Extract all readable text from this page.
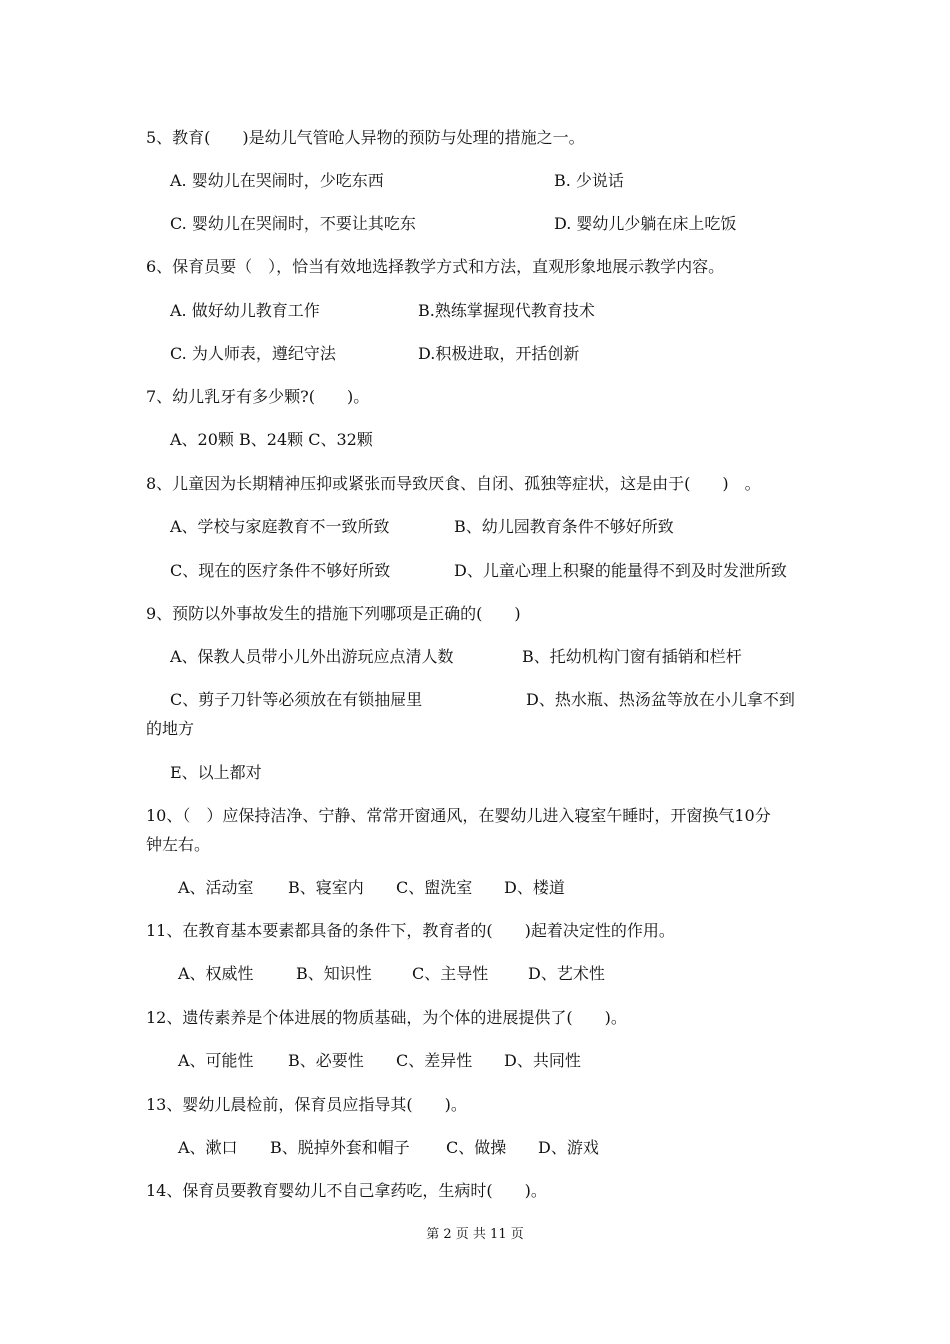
5、教育(　　)是幼儿气管呛人异物的预防与处理的措施之一。
A. 婴幼儿在哭闹时，少吃东西	B. 少说话
C. 婴幼儿在哭闹时，不要让其吃东	D. 婴幼儿少躺在床上吃饭
6、保育员要（　），恰当有效地选择教学方式和方法，直观形象地展示教学内容。
A. 做好幼儿教育工作	B.熟练掌握现代教育技术
C. 为人师表，遵纪守法	D.积极进取，开括创新
7、幼儿乳牙有多少颗?(　　)。
A、20颗 B、24颗 C、32颗
8、儿童因为长期精神压抑或紧张而导致厌食、自闭、孤独等症状，这是由于(　　)　。
A、学校与家庭教育不一致所致	B、幼儿园教育条件不够好所致
C、现在的医疗条件不够好所致	D、儿童心理上积聚的能量得不到及时发泄所致
9、预防以外事故发生的措施下列哪项是正确的(　　)
A、保教人员带小儿外出游玩应点清人数	B、托幼机构门窗有插销和栏杆
C、剪子刀针等必须放在有锁抽屉里	D、热水瓶、热汤盆等放在小儿拿不到
的地方
E、以上都对
10、（　）应保持洁净、宁静、常常开窗通风，在婴幼儿进入寝室午睡时，开窗换气10分
钟左右。
A、活动室 B、寝室内 C、盥洗室 D、楼道
11、在教育基本要素都具备的条件下，教育者的(　　)起着决定性的作用。
A、权威性	B、知识性	C、主导性 D、艺术性
12、遗传素养是个体进展的物质基础，为个体的进展提供了(　　)。
A、可能性 B、必要性 C、差异性 D、共同性
13、婴幼儿晨检前，保育员应指导其(　　)。
A、漱口 B、脱掉外套和帽子 C、做操 D、游戏
14、保育员要教育婴幼儿不自己拿药吃，生病时(　　)。
第 2 页 共 11 页
